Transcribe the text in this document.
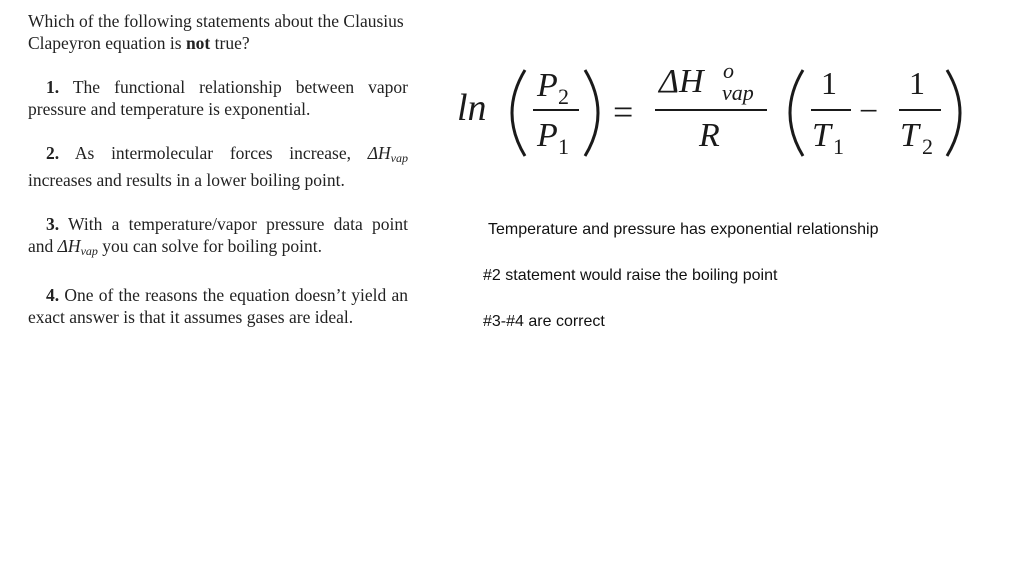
Which of the following statements about the Clausius Clapeyron equation is not true?

1. The functional relationship between vapor pressure and temperature is exponential.

2. As intermolecular forces increase, $\Delta H_{vap}$ increases and results in a lower boiling point.

3. With a temperature/vapor pressure data point and $\Delta H_{vap}$ you can solve for boiling point.

4. One of the reasons the equation doesn’t yield an exact answer is that it assumes gases are ideal.

ln
P 2
P 1
=
ΔH o
vap
R
1
T 1
−
1
T 2
Temperature and pressure has exponential relationship
#2 statement would raise the boiling point
#3-#4 are correct
